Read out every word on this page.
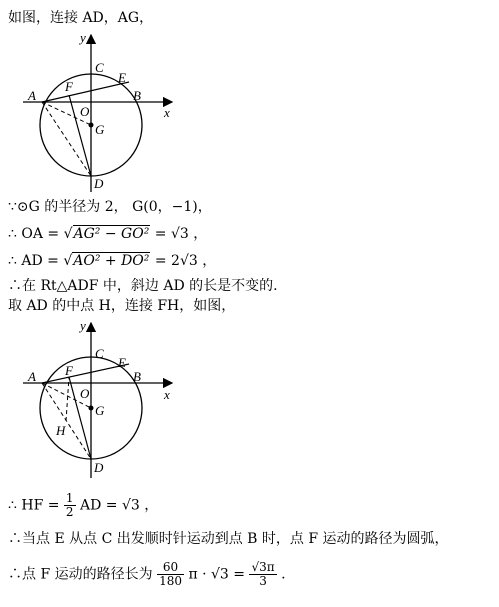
如图，连接 AD，AG，
y
x
A	B
C
E
F
O
G
D
∵⊙G 的半径为 2， G(0，−1)，
∴ OA = √AG² − GO² = √3 ，
∴ AD = √AO² + DO² = 2√3 ，
∴在 Rt△ADF 中，斜边 AD 的长是不变的.
取 AD 的中点 H，连接 FH，如图，
y
x
A	B
C
E
F
O
G
H
D
∴ HF = $\frac{1}{2}$ AD = √3 ，
∴当点 E 从点 C 出发顺时针运动到点 B 时，点 F 运动的路径为圆弧，
∴点 F 运动的路径长为 $\frac{60}{180}$ $\pi \cdot √3 = \frac{√3\pi}{3}$ .
